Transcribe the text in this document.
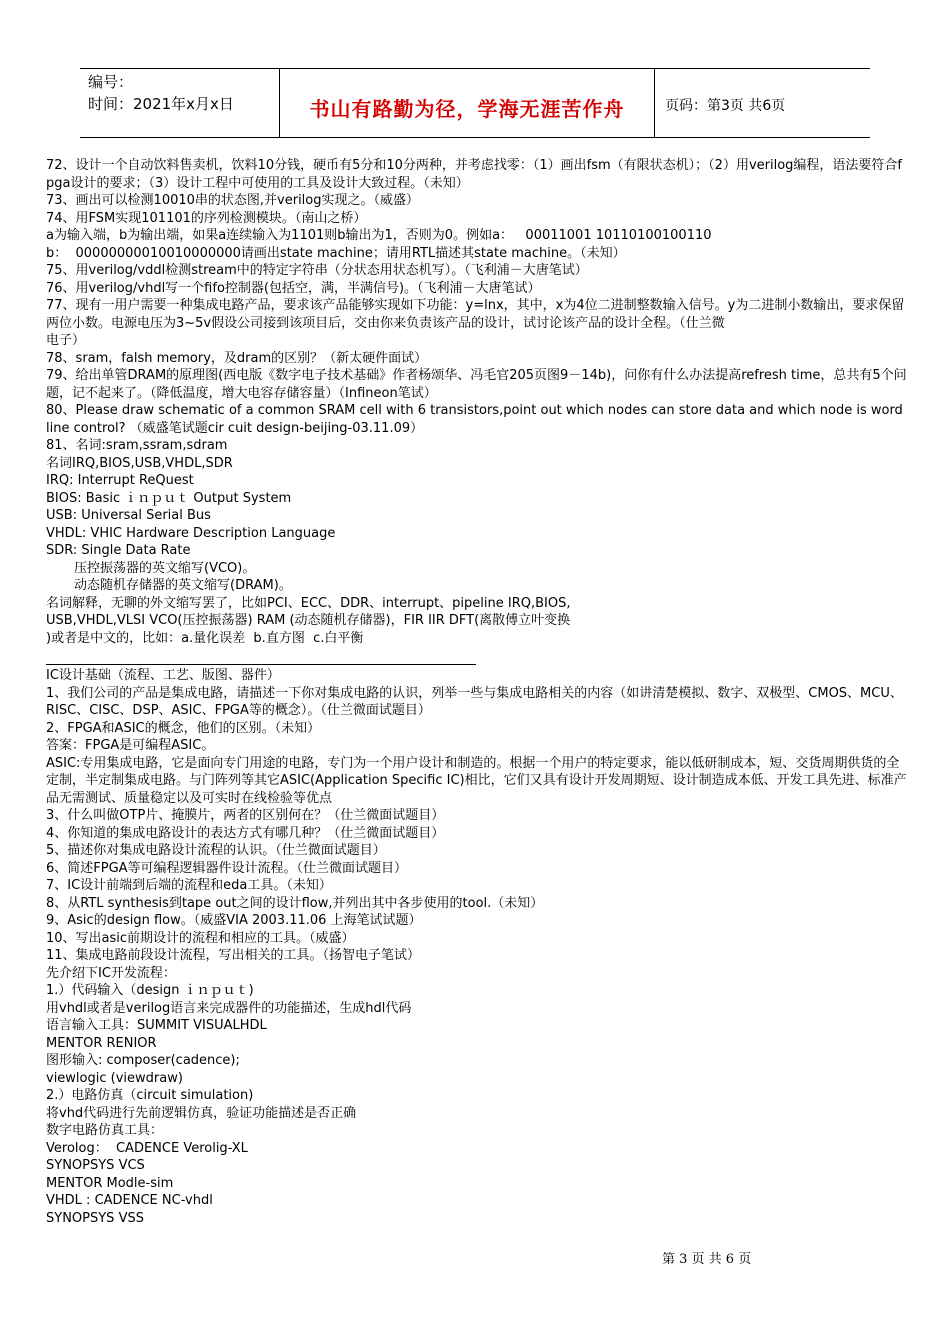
编号：
时间：2021年x月x日	书山有路勤为径，学海无涯苦作舟	页码：第3页 共6页
72、设计一个自动饮料售卖机，饮料10分钱，硬币有5分和10分两种，并考虑找零：（1）画出fsm（有限状态机）；（2）用verilog编程，语法要符合fpga设计的要求；（3）设计工程中可使用的工具及设计大致过程。（未知）
73、画出可以检测10010串的状态图,并verilog实现之。（威盛）
74、用FSM实现101101的序列检测模块。（南山之桥）
a为输入端，b为输出端，如果a连续输入为1101则b输出为1，否则为0。例如a：   00011001 10110100100110
b：  00000000010010000000请画出state machine；请用RTL描述其state machine。（未知）
75、用verilog/vddl检测stream中的特定字符串（分状态用状态机写）。（飞利浦－大唐笔试）
76、用verilog/vhdl写一个fifo控制器(包括空，满，半满信号)。（飞利浦－大唐笔试）
77、现有一用户需要一种集成电路产品，要求该产品能够实现如下功能：y=lnx，其中，x为4位二进制整数输入信号。y为二进制小数输出，要求保留两位小数。电源电压为3~5v假设公司接到该项目后，交由你来负责该产品的设计，试讨论该产品的设计全程。（仕兰微
电子）
78、sram，falsh memory，及dram的区别？（新太硬件面试）
79、给出单管DRAM的原理图(西电版《数字电子技术基础》作者杨颂华、冯毛官205页图9－14b)，问你有什么办法提高refresh time，总共有5个问题，记不起来了。（降低温度，增大电容存储容量）（Infineon笔试）
80、Please draw schematic of a common SRAM cell with 6 transistors,point out which nodes can store data and which node is word line control? （威盛笔试题cir cuit design-beijing-03.11.09）
81、名词:sram,ssram,sdram
名词IRQ,BIOS,USB,VHDL,SDR
IRQ: Interrupt ReQuest
BIOS: Basic ｉｎｐｕｔ Output System
USB: Universal Serial Bus
VHDL: VHIC Hardware Description Language
SDR: Single Data Rate
压控振荡器的英文缩写(VCO)。
动态随机存储器的英文缩写(DRAM)。
名词解释，无聊的外文缩写罢了，比如PCI、ECC、DDR、interrupt、pipeline IRQ,BIOS,
USB,VHDL,VLSI VCO(压控振荡器) RAM (动态随机存储器)，FIR IIR DFT(离散傅立叶变换
)或者是中文的，比如：a.量化误差  b.直方图  c.白平衡
IC设计基础（流程、工艺、版图、器件）
1、我们公司的产品是集成电路，请描述一下你对集成电路的认识，列举一些与集成电路相关的内容（如讲清楚模拟、数字、双极型、CMOS、MCU、RISC、CISC、DSP、ASIC、FPGA等的概念）。（仕兰微面试题目）
2、FPGA和ASIC的概念，他们的区别。（未知）
答案：FPGA是可编程ASIC。
ASIC:专用集成电路，它是面向专门用途的电路，专门为一个用户设计和制造的。根据一个用户的特定要求，能以低研制成本，短、交货周期供货的全定制，半定制集成电路。与门阵列等其它ASIC(Application Specific IC)相比，它们又具有设计开发周期短、设计制造成本低、开发工具先进、标准产品无需测试、质量稳定以及可实时在线检验等优点
3、什么叫做OTP片、掩膜片，两者的区别何在？（仕兰微面试题目）
4、你知道的集成电路设计的表达方式有哪几种？（仕兰微面试题目）
5、描述你对集成电路设计流程的认识。（仕兰微面试题目）
6、简述FPGA等可编程逻辑器件设计流程。（仕兰微面试题目）
7、IC设计前端到后端的流程和eda工具。（未知）
8、从RTL synthesis到tape out之间的设计flow,并列出其中各步使用的tool.（未知）
9、Asic的design flow。（威盛VIA 2003.11.06 上海笔试试题）
10、写出asic前期设计的流程和相应的工具。（威盛）
11、集成电路前段设计流程，写出相关的工具。（扬智电子笔试）
先介绍下IC开发流程：
1.）代码输入（design ｉｎｐｕｔ)
用vhdl或者是verilog语言来完成器件的功能描述，生成hdl代码
语言输入工具：SUMMIT VISUALHDL
MENTOR RENIOR
图形输入: composer(cadence);
viewlogic (viewdraw)
2.）电路仿真（circuit simulation)
将vhd代码进行先前逻辑仿真，验证功能描述是否正确
数字电路仿真工具：
Verolog：  CADENCE Verolig-XL
SYNOPSYS VCS
MENTOR Modle-sim
VHDL : CADENCE NC-vhdl
SYNOPSYS VSS
第 3 页 共 6 页
